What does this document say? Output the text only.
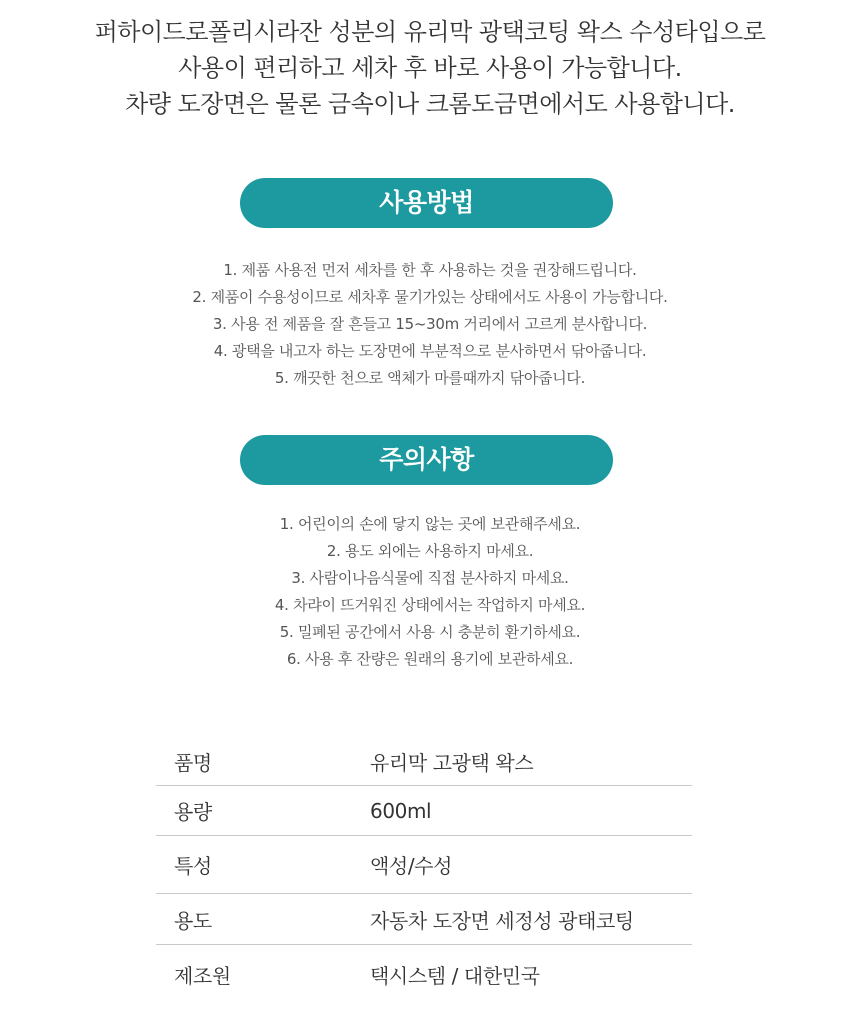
퍼하이드로폴리시라잔 성분의 유리막 광택코팅 왁스 수성타입으로
사용이 편리하고 세차 후 바로 사용이 가능합니다.
차량 도장면은 물론 금속이나 크롬도금면에서도 사용합니다.
사용방법
1. 제품 사용전 먼저 세차를 한 후 사용하는 것을 권장해드립니다.
2. 제품이 수용성이므로 세차후 물기가있는 상태에서도 사용이 가능합니다.
3. 사용 전 제품을 잘 흔들고 15~30m 거리에서 고르게 분사합니다.
4. 광택을 내고자 하는 도장면에 부분적으로 분사하면서 닦아줍니다.
5. 깨끗한 천으로 액체가 마를때까지 닦아줍니다.
주의사항
1. 어린이의 손에 닿지 않는 곳에 보관해주세요.
2. 용도 외에는 사용하지 마세요.
3. 사람이나음식물에 직접 분사하지 마세요.
4. 차랴이 뜨거워진 상태에서는 작업하지 마세요.
5. 밀폐된 공간에서 사용 시 충분히 환기하세요.
6. 사용 후 잔량은 원래의 용기에 보관하세요.
품명	유리막 고광택 왁스
용량	600ml
특성	액성/수성
용도	자동차 도장면 세정성 광태코팅
제조원	택시스템 / 대한민국
